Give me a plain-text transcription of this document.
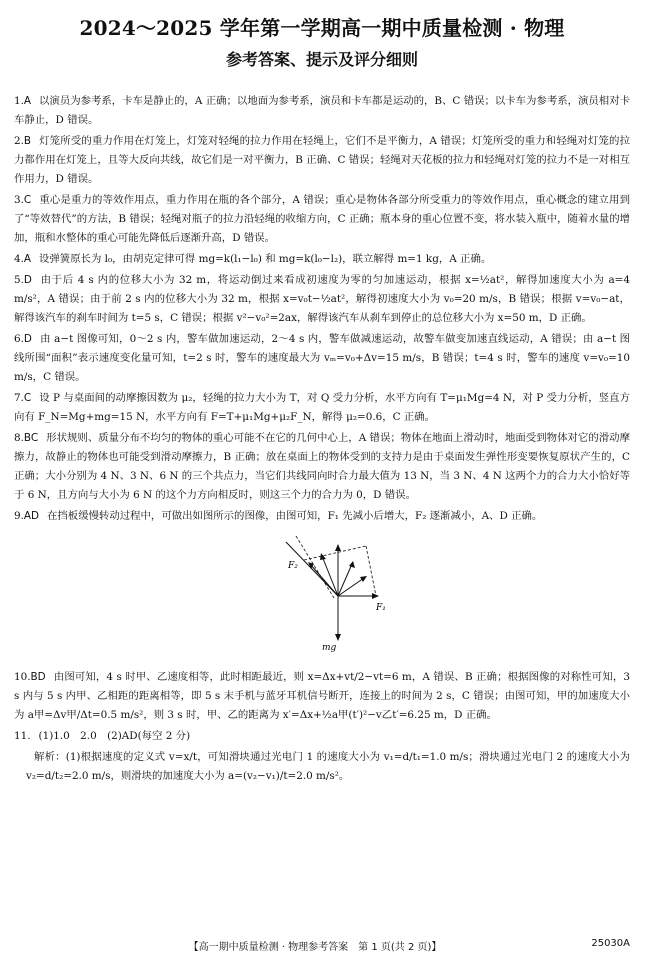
2024～2025 学年第一学期高一期中质量检测 · 物理
参考答案、提示及评分细则
1.A 以演员为参考系，卡车是静止的，A 正确；以地面为参考系，演员和卡车都是运动的，B、C 错误；以卡车为参考系，演员相对卡车静止，D 错误。
2.B 灯笼所受的重力作用在灯笼上，灯笼对轻绳的拉力作用在轻绳上，它们不是平衡力，A 错误；灯笼所受的重力和轻绳对灯笼的拉力都作用在灯笼上，且等大反向共线，故它们是一对平衡力，B 正确、C 错误；轻绳对天花板的拉力和轻绳对灯笼的拉力不是一对相互作用力，D 错误。
3.C 重心是重力的等效作用点，重力作用在瓶的各个部分，A 错误；重心是物体各部分所受重力的等效作用点，重心概念的建立用到了“等效替代”的方法，B 错误；轻绳对瓶子的拉力沿轻绳的收缩方向，C 正确；瓶本身的重心位置不变，将水装入瓶中，随着水量的增加，瓶和水整体的重心可能先降低后逐渐升高，D 错误。
4.A 设弹簧原长为 l₀，由胡克定律可得 mg=k(l₁−l₀) 和 mg=k(l₀−l₂)，联立解得 m=1 kg，A 正确。
5.D 由于后 4 s 内的位移大小为 32 m，将运动倒过来看成初速度为零的匀加速运动，根据 x=½at²，解得加速度大小为 a=4 m/s²，A 错误；由于前 2 s 内的位移大小为 32 m，根据 x=v₀t−½at²，解得初速度大小为 v₀=20 m/s，B 错误；根据 v=v₀−at，解得该汽车的刹车时间为 t=5 s，C 错误；根据 v²−v₀²=2ax，解得该汽车从刹车到停止的总位移大小为 x=50 m，D 正确。
6.D 由 a−t 图像可知，0～2 s 内，警车做加速运动，2～4 s 内，警车做减速运动，故警车做变加速直线运动，A 错误；由 a−t 图线所围“面积”表示速度变化量可知，t=2 s 时，警车的速度最大为 vₘ=v₀+Δv=15 m/s，B 错误；t=4 s 时，警车的速度 v=v₀=10 m/s，C 错误。
7.C 设 P 与桌面间的动摩擦因数为 μ₂，轻绳的拉力大小为 T，对 Q 受力分析，水平方向有 T=μ₁Mg=4 N，对 P 受力分析，竖直方向有 F_N=Mg+mg=15 N，水平方向有 F=T+μ₁Mg+μ₂F_N，解得 μ₂=0.6，C 正确。
8.BC 形状规则、质量分布不均匀的物体的重心可能不在它的几何中心上，A 错误；物体在地面上滑动时，地面受到物体对它的滑动摩擦力，故静止的物体也可能受到滑动摩擦力，B 正确；放在桌面上的物体受到的支持力是由于桌面发生弹性形变要恢复原状产生的，C 正确；大小分别为 4 N、3 N、6 N 的三个共点力，当它们共线同向时合力最大值为 13 N，当 3 N、4 N 这两个力的合力大小恰好等于 6 N，且方向与大小为 6 N 的这个力方向相反时，则这三个力的合力为 0，D 错误。
9.AD 在挡板缓慢转动过程中，可做出如图所示的图像，由图可知，F₁ 先减小后增大，F₂ 逐渐减小，A、D 正确。
F₂
F₁
mg
10.BD 由图可知，4 s 时甲、乙速度相等，此时相距最近，则 x=Δx+vt/2−vt=6 m，A 错误、B 正确；根据图像的对称性可知，3 s 内与 5 s 内甲、乙相距的距离相等，即 5 s 末手机与蓝牙耳机信号断开，连接上的时间为 2 s，C 错误；由图可知，甲的加速度大小为 a甲=Δv甲/Δt=0.5 m/s²，则 3 s 时，甲、乙的距离为 x′=Δx+½a甲(t′)²−v乙t′=6.25 m，D 正确。
11. (1)1.0　2.0　(2)AD(每空 2 分)
解析：(1)根据速度的定义式 v=x/t，可知滑块通过光电门 1 的速度大小为 v₁=d/t₁=1.0 m/s；滑块通过光电门 2 的速度大小为 v₂=d/t₂=2.0 m/s，则滑块的加速度大小为 a=(v₂−v₁)/t=2.0 m/s²。
【高一期中质量检测 · 物理参考答案　第 1 页(共 2 页)】	25030A
